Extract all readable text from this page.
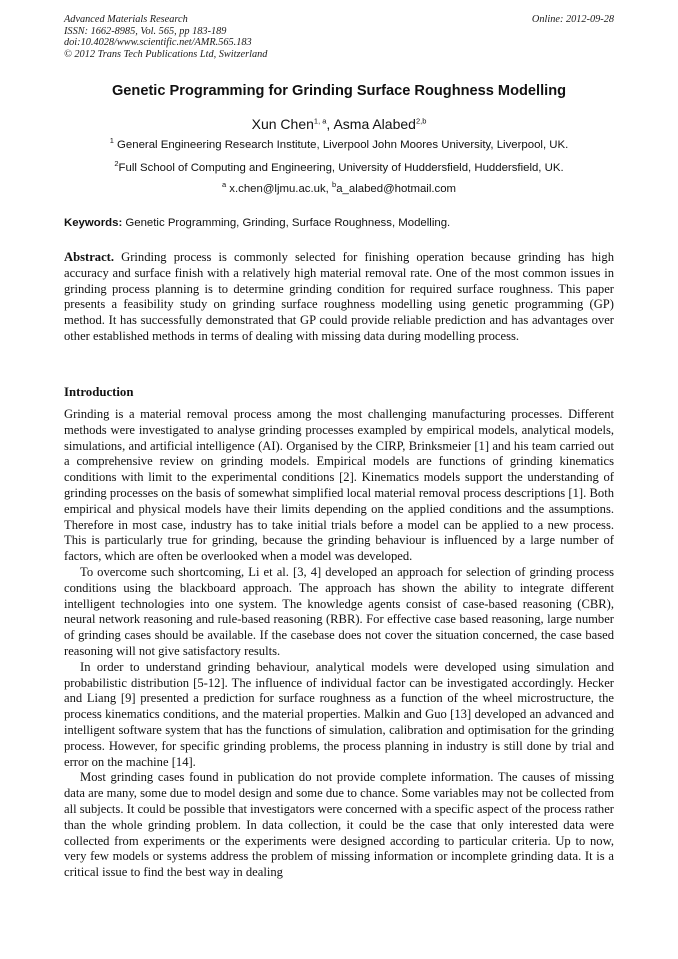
Advanced Materials Research
ISSN: 1662-8985, Vol. 565, pp 183-189
doi:10.4028/www.scientific.net/AMR.565.183
© 2012 Trans Tech Publications Ltd, Switzerland
Online: 2012-09-28
Genetic Programming for Grinding Surface Roughness Modelling
Xun Chen$^{1, a}$, Asma Alabed$^{2,b}$
$^1$ General Engineering Research Institute, Liverpool John Moores University, Liverpool, UK.
$^2$Full School of Computing and Engineering, University of Huddersfield, Huddersfield, UK.
$^a$ x.chen@ljmu.ac.uk, $^b$a_alabed@hotmail.com
Keywords: Genetic Programming, Grinding, Surface Roughness, Modelling.
Abstract. Grinding process is commonly selected for finishing operation because grinding has high accuracy and surface finish with a relatively high material removal rate. One of the most common issues in grinding process planning is to determine grinding condition for required surface roughness. This paper presents a feasibility study on grinding surface roughness modelling using genetic programming (GP) method. It has successfully demonstrated that GP could provide reliable prediction and has advantages over other established methods in terms of dealing with missing data during modelling process.
Introduction

Grinding is a material removal process among the most challenging manufacturing processes. Different methods were investigated to analyse grinding processes exampled by empirical models, analytical models, simulations, and artificial intelligence (AI). Organised by the CIRP, Brinksmeier [1] and his team carried out a comprehensive review on grinding models. Empirical models are functions of grinding kinematics conditions with limit to the experimental conditions [2]. Kinematics models support the understanding of grinding processes on the basis of somewhat simplified local material removal process descriptions [1]. Both empirical and physical models have their limits depending on the applied conditions and the assumptions. Therefore in most case, industry has to take initial trials before a model can be applied to a new process. This is particularly true for grinding, because the grinding behaviour is influenced by a large number of factors, which are often be overlooked when a model was developed.

To overcome such shortcoming, Li et al. [3, 4] developed an approach for selection of grinding process conditions using the blackboard approach. The approach has shown the ability to integrate different intelligent technologies into one system. The knowledge agents consist of case-based reasoning (CBR), neural network reasoning and rule-based reasoning (RBR). For effective case based reasoning, large number of grinding cases should be available. If the casebase does not cover the situation concerned, the case based reasoning will not give satisfactory results.

In order to understand grinding behaviour, analytical models were developed using simulation and probabilistic distribution [5-12]. The influence of individual factor can be investigated accordingly. Hecker and Liang [9] presented a prediction for surface roughness as a function of the wheel microstructure, the process kinematics conditions, and the material properties. Malkin and Guo [13] developed an advanced and intelligent software system that has the functions of simulation, calibration and optimisation for the grinding process. However, for specific grinding problems, the process planning in industry is still done by trial and error on the machine [14].

Most grinding cases found in publication do not provide complete information. The causes of missing data are many, some due to model design and some due to chance. Some variables may not be collected from all subjects. It could be possible that investigators were concerned with a specific aspect of the process rather than the whole grinding problem. In data collection, it could be the case that only interested data were collected from experiments or the experiments were designed according to particular criteria. Up to now, very few models or systems address the problem of missing information or incomplete grinding data. It is a critical issue to find the best way in dealing
